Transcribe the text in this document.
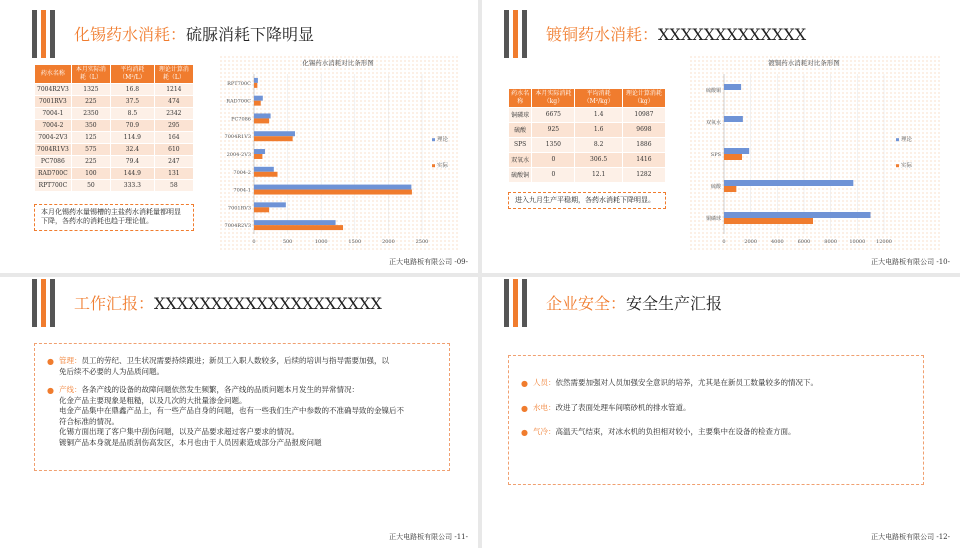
化锡药水消耗：硫脲消耗下降明显
药水名称	本月实际消耗（L）	平均消耗（M²/L）	理论计算消耗（L）
7004R2V3	1325	16.8	1214
7001RV3	225	37.5	474
7004-1	2350	8.5	2342
7004-2	350	70.9	295
7004-2V3	125	114.9	164
7004R1V3	575	32.4	610
PC7086	225	79.4	247
RAD700C	100	144.9	131
RPT700C	50	333.3	58
本月化锡药水量锡槽的主盐药水消耗量都明显下降，各药水的消耗也趋于理论值。
化锡药水消耗对比条形图
0	500	1000	1500	2000	2500
RPT700C
RAD700C
PC7086
7004R1V3
2004-2V3
7004-2
7004-1
7001RV3
7004R2V3
理论
实际
正大电路板有限公司 -09-
镀铜药水消耗：XXXXXXXXXXXXX
药水名称	本月实际消耗（kg）	平均消耗（M²/kg）	理论计算消耗（kg）
铜磷球	6675	1.4	10987
硫酸	925	1.6	9698
SPS	1350	8.2	1886
双氧水	0	306.5	1416
硫酸铜	0	12.1	1282
进入九月生产平稳期，各药水消耗下降明显。
镀铜药水消耗对比条形图
0	2000	4000	6000	8000 10000 12000
硫酸铜
双氧水
SPS
硫酸
铜磷球
理论
实际
正大电路板有限公司 -10-
工作汇报：XXXXXXXXXXXXXXXXXXXX
● 管理：员工的劳纪、卫生状况需要持续跟进；新员工入职人数较多，后续的培训与指导需要加强，以
免后续不必要的人为品质问题。
● 产线：各条产线的设备的故障问题依然发生频繁，各产线的品质问题本月发生的异常情况：
化金产品主要现象是粗糙，以及几次的大批量渗金问题。
电金产品集中在鼎鑫产品上，有一些产品自身的问题，也有一些我们生产中参数的不准确导致的金镍后不
符合标准的情况。
化锡方面出现了客户集中刮伤问题，以及产品要求超过客户要求的情况。
镀铜产品本身就是品质刮伤高发区，本月也由于人员因素造成部分产品报废问题
正大电路板有限公司 -11-
企业安全：安全生产汇报
● 人员：依然需要加强对人员加强安全意识的培养，尤其是在新员工数量较多的情况下。
● 水电：改进了表面处理车间喷砂机的排水管道。
● 气冷：高温天气结束，对冰水机的负担相对较小，主要集中在设备的检查方面。
正大电路板有限公司 -12-
